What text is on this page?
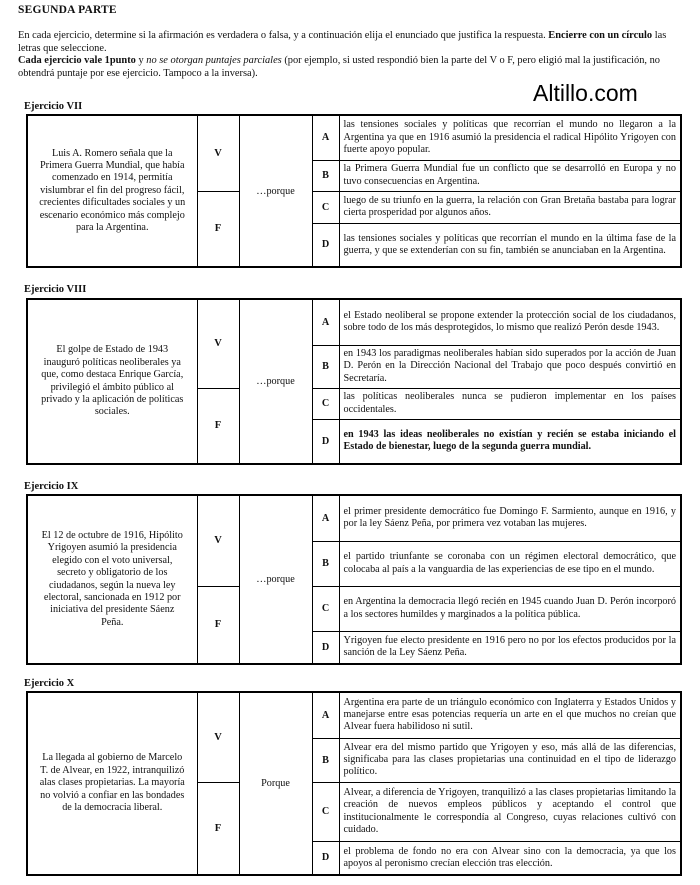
SEGUNDA PARTE
En cada ejercicio, determine si la afirmación es verdadera o falsa, y a continuación elija el enunciado que justifica la respuesta. Encierre con un círculo las letras que seleccione.
Cada ejercicio vale 1punto y no se otorgan puntajes parciales (por ejemplo, si usted respondió bien la parte del V o F, pero eligió mal la justificación, no obtendrá puntaje por ese ejercicio. Tampoco a la inversa).
Altillo.com
Ejercicio VII
Luis A. Romero señala que la Primera Guerra Mundial, que había comenzado en 1914, permitía vislumbrar el fin del progreso fácil, crecientes dificultades sociales y un escenario económico más complejo para la Argentina.	V	…porque	A	las tensiones sociales y políticas que recorrían el mundo no llegaron a la Argentina ya que en 1916 asumió la presidencia el radical Hipólito Yrigoyen con fuerte apoyo popular.
			B	la Primera Guerra Mundial fue un conflicto que se desarrolló en Europa y no tuvo consecuencias en Argentina.
	F		C	luego de su triunfo en la guerra, la relación con Gran Bretaña bastaba para lograr cierta prosperidad por algunos años.
			D	las tensiones sociales y políticas que recorrían el mundo en la última fase de la guerra, y que se extenderían con su fin, también se anunciaban en la Argentina.
Ejercicio VIII
El golpe de Estado de 1943 inauguró políticas neoliberales ya que, como destaca Enrique García, privilegió el ámbito público al privado y la aplicación de políticas sociales.	V	…porque	A	el Estado neoliberal se propone extender la protección social de los ciudadanos, sobre todo de los más desprotegidos, lo mismo que realizó Perón desde 1943.
			B	en 1943 los paradigmas neoliberales habían sido superados por la acción de Juan D. Perón en la Dirección Nacional del Trabajo que poco después convirtió en Secretaría.
	F		C	las políticas neoliberales nunca se pudieron implementar en los países occidentales.
			D	en 1943 las ideas neoliberales no existían y recién se estaba iniciando el Estado de bienestar, luego de la segunda guerra mundial.
Ejercicio IX
El 12 de octubre de 1916, Hipólito Yrigoyen asumió la presidencia elegido con el voto universal, secreto y obligatorio de los ciudadanos, según la nueva ley electoral, sancionada en 1912 por iniciativa del presidente Sáenz Peña.	V	…porque	A	el primer presidente democrático fue Domingo F. Sarmiento, aunque en 1916, y por la ley Sáenz Peña, por primera vez votaban las mujeres.
			B	el partido triunfante se coronaba con un régimen electoral democrático, que colocaba al país a la vanguardia de las experiencias de ese tipo en el mundo.
	F		C	en Argentina la democracia llegó recién en 1945 cuando Juan D. Perón incorporó a los sectores humildes y marginados a la política pública.
			D	Yrigoyen fue electo presidente en 1916 pero no por los efectos producidos por la sanción de la Ley Sáenz Peña.
Ejercicio X
La llegada al gobierno de Marcelo T. de Alvear, en 1922, intranquilizó alas clases propietarias. La mayoría no volvió a confiar en las bondades de la democracia liberal.	V	Porque	A	Argentina era parte de un triángulo económico con Inglaterra y Estados Unidos y manejarse entre esas potencias requería un arte en el que muchos no creían que Alvear fuera habilidoso ni sutil.
			B	Alvear era del mismo partido que Yrigoyen y eso, más allá de las diferencias, significaba para las clases propietarias una continuidad en el tipo de liderazgo político.
	F		C	Alvear, a diferencia de Yrigoyen, tranquilizó a las clases propietarias limitando la creación de nuevos empleos públicos y aceptando el control que institucionalmente le correspondía al Congreso, cuyas relaciones cultivó con cuidado.
			D	el problema de fondo no era con Alvear sino con la democracia, ya que los apoyos al peronismo crecían elección tras elección.
